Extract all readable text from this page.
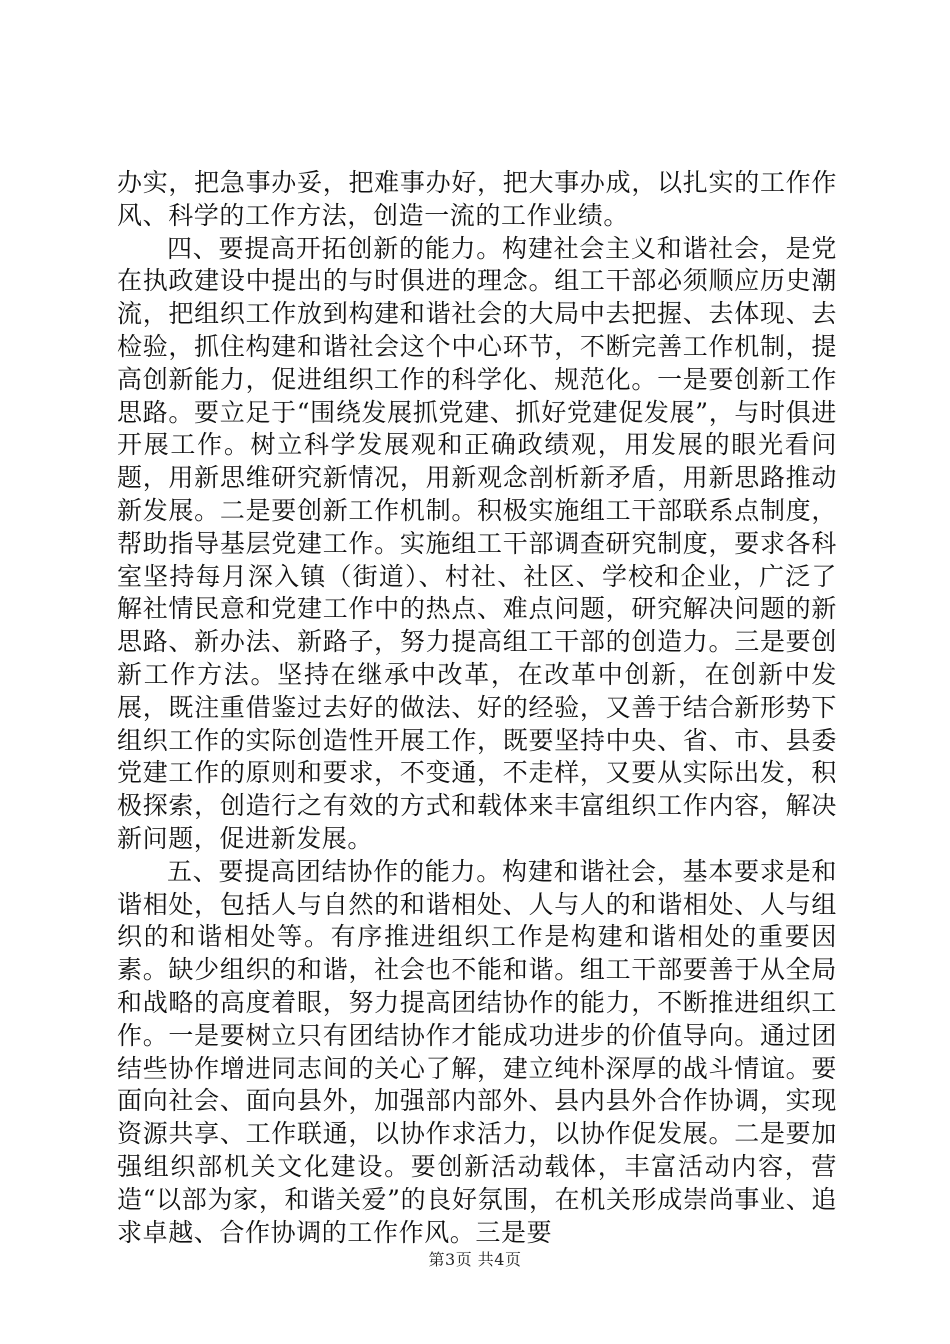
办实，把急事办妥，把难事办好，把大事办成，以扎实的工作作风、科学的工作方法，创造一流的工作业绩。

四、要提高开拓创新的能力。构建社会主义和谐社会，是党在执政建设中提出的与时俱进的理念。组工干部必须顺应历史潮流，把组织工作放到构建和谐社会的大局中去把握、去体现、去检验，抓住构建和谐社会这个中心环节，不断完善工作机制，提高创新能力，促进组织工作的科学化、规范化。一是要创新工作思路。要立足于“围绕发展抓党建、抓好党建促发展”，与时俱进开展工作。树立科学发展观和正确政绩观，用发展的眼光看问题，用新思维研究新情况，用新观念剖析新矛盾，用新思路推动新发展。二是要创新工作机制。积极实施组工干部联系点制度，帮助指导基层党建工作。实施组工干部调查研究制度，要求各科室坚持每月深入镇（街道）、村社、社区、学校和企业，广泛了解社情民意和党建工作中的热点、难点问题，研究解决问题的新思路、新办法、新路子，努力提高组工干部的创造力。三是要创新工作方法。坚持在继承中改革，在改革中创新，在创新中发展，既注重借鉴过去好的做法、好的经验，又善于结合新形势下组织工作的实际创造性开展工作，既要坚持中央、省、市、县委党建工作的原则和要求，不变通，不走样，又要从实际出发，积极探索，创造行之有效的方式和载体来丰富组织工作内容，解决新问题，促进新发展。

五、要提高团结协作的能力。构建和谐社会，基本要求是和谐相处，包括人与自然的和谐相处、人与人的和谐相处、人与组织的和谐相处等。有序推进组织工作是构建和谐相处的重要因素。缺少组织的和谐，社会也不能和谐。组工干部要善于从全局和战略的高度着眼，努力提高团结协作的能力，不断推进组织工作。一是要树立只有团结协作才能成功进步的价值导向。通过团结些协作增进同志间的关心了解，建立纯朴深厚的战斗情谊。要面向社会、面向县外，加强部内部外、县内县外合作协调，实现资源共享、工作联通，以协作求活力，以协作促发展。二是要加强组织部机关文化建设。要创新活动载体，丰富活动内容，营造“以部为家，和谐关爱”的良好氛围，在机关形成崇尚事业、追求卓越、合作协调的工作作风。三是要

第3页 共4页
